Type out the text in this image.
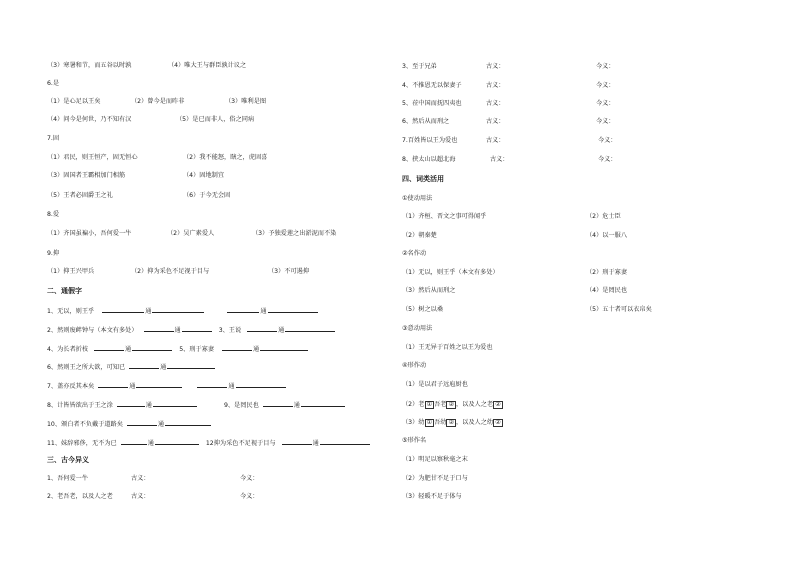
（3）寒暑和节，而五谷以时孰	（4）唯大王与群臣孰计议之
6.是
（1）是心足以王矣	（2）曾今是而昨非	（3）唯利是图
（4）问今是何世，乃不知有汉	（5）是已而非人，俗之同病
7.固
（1）君民，则王恒产，固无恒心	（2）我不能怒，瞎之，虎固喜
（3）固国者王霸相加门相筋	（4）固地制宜
（5）王者必固爵王之礼	（6）于今无会固
8.爱
（1）齐国虽褊小，吾何爱一牛	（2）吴广素爱人	（3）予独爱莲之出淤泥而不染
9.抑
（1）抑王兴甲兵	（2）抑为采色不足视于目与	（3）不可遏抑
二、通假字
1、无以，则王乎	通	通
2、然则废衅钟与（本文有多处）	通	3、王说	通
4、为长者折枝	通	5、刑于寡妻	通
6、然则王之所大欲，可知已	通
7、盖亦反其本矣	通	通
8、计皆皆欲出于王之涂	通	9、是罔民也	通
10、颁白者不负戴于道路矣	通
11、妹辞邪侈，无不为已	通	12抑为采色不足视于目与	通
三、古今异义
1、吾何爱一牛	古义：	今义：
2、老吾老，以及人之老	古义：	今义：
3、至于兄弟	古义：	今义：
4、不推恩无以保妻子	古义：	今义：
5、莅中国而抚四夷也	古义：	今义：
6、然后从而刑之	古义：	今义：
7.百姓皆以王为爱也	古义：	今义：
8、挟太山以超北海	古义：	今义：
四、词类活用
①使动用法
（1）齐桓、晋文之事可得闻乎	（2）危士臣
（2）朝秦楚	（4）以一服八
②名作动
（1）无以，则王乎（本文有多处）	（2）刑于寡妻
（3）然后从而刑之	（4）是罔民也
（5）树之以桑	（5）五十者可以衣帛矣
③意动用法
（1）王无异于百姓之以王为爱也
④形作动
（1）是以君子远庖厨也
（2）老 ① 吾老 ② ，以及人之老 ②
（3）幼 ① 吾幼 ② ，以及人之幼 ②
⑤形作名
（1）明足以察秋毫之末
（2）为肥甘不足于口与
（3）轻暖不足于体与
